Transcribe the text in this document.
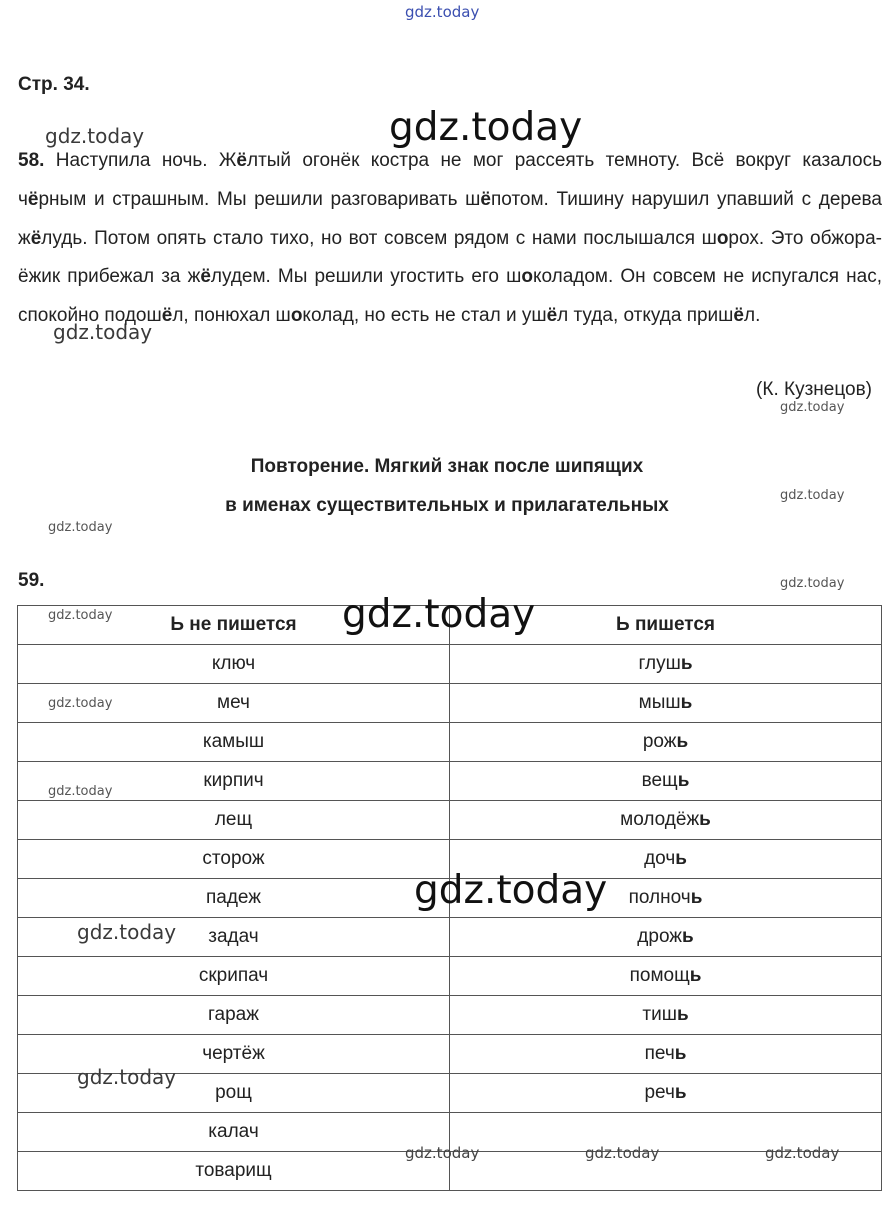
gdz.today
gdz.today	gdz.today
gdz.today
gdz.today
gdz.today
gdz.today
gdz.today
Стр. 34.

58. Наступила ночь. Жёлтый огонёк костра не мог рассеять темноту. Всё вокруг казалось чёрным и страшным. Мы решили разговаривать шёпотом. Тишину нарушил упавший с дерева жёлудь. Потом опять стало тихо, но вот совсем рядом с нами послышался шорох. Это обжора-ёжик прибежал за жёлудем. Мы решили угостить его шоколадом. Он совсем не испугался нас, спокойно подошёл, понюхал шоколад, но есть не стал и ушёл туда, откуда пришёл.

(К. Кузнецов)
Повторение. Мягкий знак после шипящих
в именах существительных и прилагательных
59.
Ь не пишется	Ь пишется
ключ	глушь
меч	мышь
камыш	рожь
кирпич	вещь
лещ	молодёжь
сторож	дочь
падеж	полночь
задач	дрожь
скрипач	помощь
гараж	тишь
чертёж	печь
рощ	речь
калач	
товарищ	
gdz.today	gdz.today
gdz.today
gdz.today
gdz.today
gdz.today
gdz.today
gdz.today	gdz.today	gdz.today
